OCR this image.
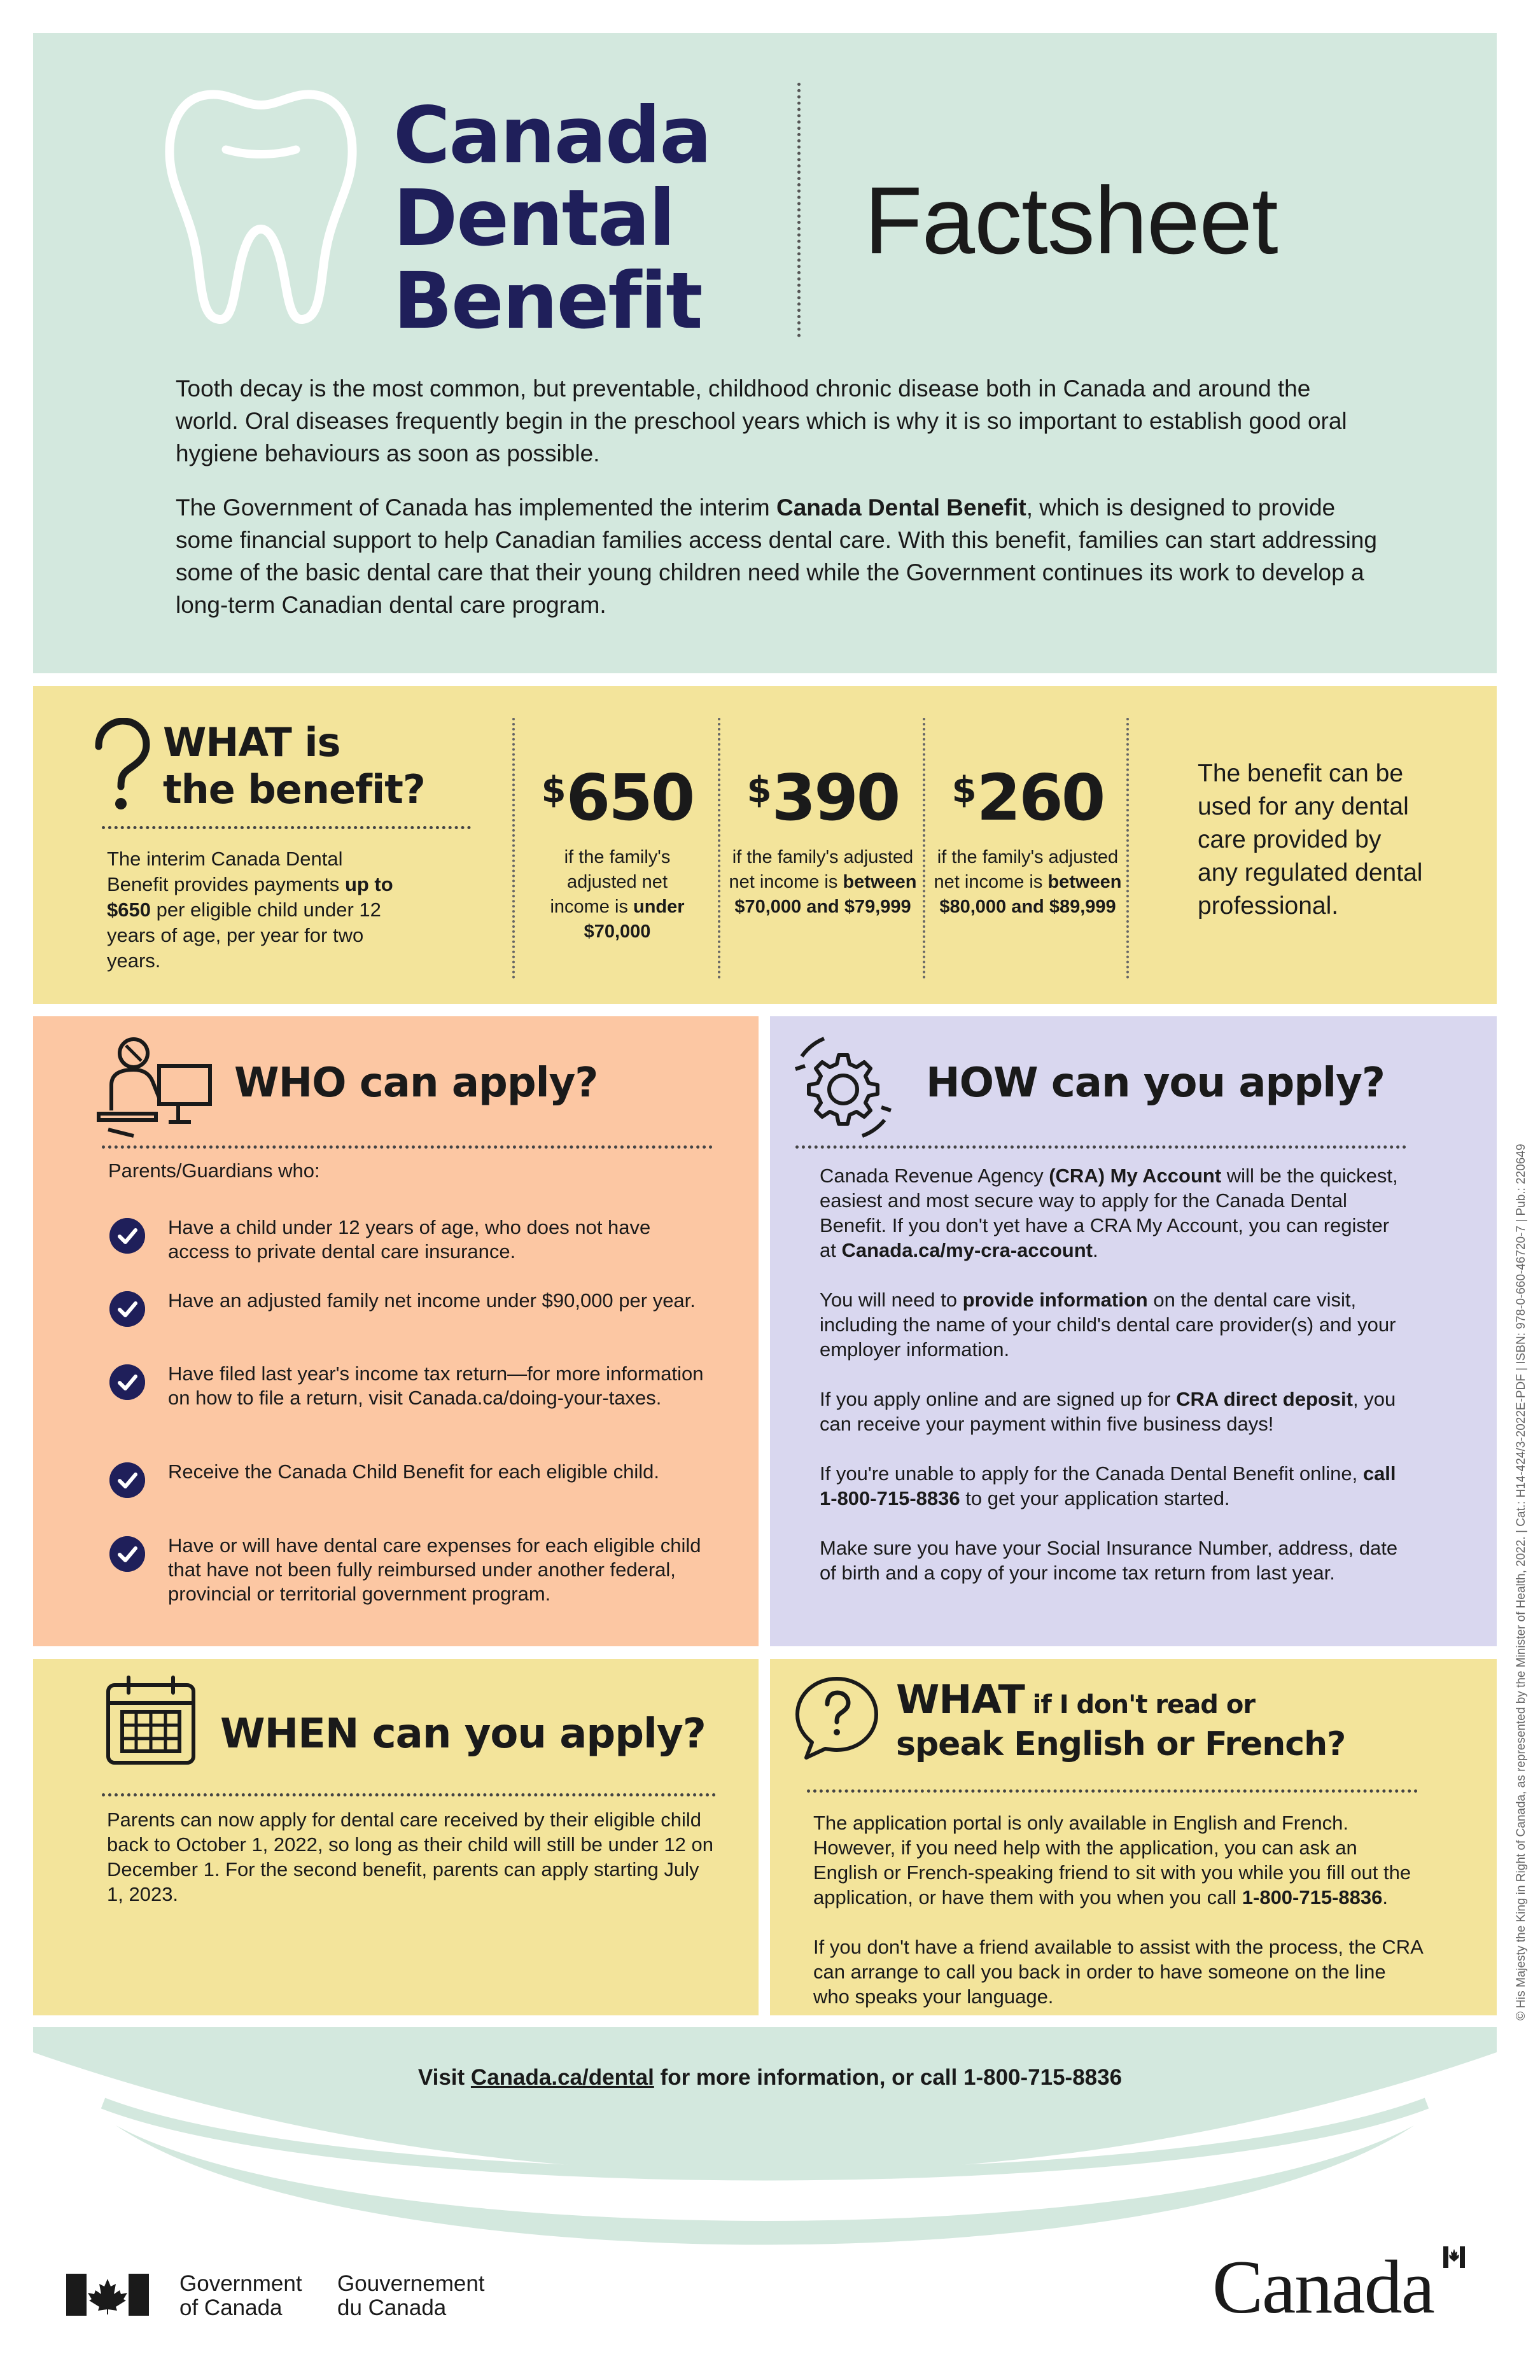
Canada
Dental
Benefit
Factsheet

Tooth decay is the most common, but preventable, childhood chronic disease both in Canada and around the world. Oral diseases frequently begin in the preschool years which is why it is so important to establish good oral hygiene behaviours as soon as possible.

The Government of Canada has implemented the interim Canada Dental Benefit, which is designed to provide some financial support to help Canadian families access dental care. With this benefit, families can start addressing some of the basic dental care that their young children need while the Government continues its work to develop a long-term Canadian dental care program.

WHAT is
the benefit?
The interim Canada Dental Benefit provides payments up to $650 per eligible child under 12 years of age, per year for two years.
$650
if the family's adjusted net income is under $70,000
$390
if the family's adjusted net income is between $70,000 and $79,999
$260
if the family's adjusted net income is between $80,000 and $89,999
The benefit can be used for any dental care provided by any regulated dental professional.
WHO can apply?
Parents/Guardians who:
Have a child under 12 years of age, who does not have access to private dental care insurance.
Have an adjusted family net income under $90,000 per year.
Have filed last year's income tax return—for more information on how to file a return, visit Canada.ca/doing-your-taxes.
Receive the Canada Child Benefit for each eligible child.
Have or will have dental care expenses for each eligible child that have not been fully reimbursed under another federal, provincial or territorial government program.
HOW can you apply?

Canada Revenue Agency (CRA) My Account will be the quickest, easiest and most secure way to apply for the Canada Dental Benefit. If you don't yet have a CRA My Account, you can register at Canada.ca/my-cra-account.

You will need to provide information on the dental care visit, including the name of your child's dental care provider(s) and your employer information.

If you apply online and are signed up for CRA direct deposit, you can receive your payment within five business days!

If you're unable to apply for the Canada Dental Benefit online, call 1-800-715-8836 to get your application started.

Make sure you have your Social Insurance Number, address, date of birth and a copy of your income tax return from last year.

WHEN can you apply?
Parents can now apply for dental care received by their eligible child back to October 1, 2022, so long as their child will still be under 12 on December 1. For the second benefit, parents can apply starting July 1, 2023.
WHAT if I don't read or
speak English or French?

The application portal is only available in English and French. However, if you need help with the application, you can ask an English or French-speaking friend to sit with you while you fill out the application, or have them with you when you call 1-800-715-8836.

If you don't have a friend available to assist with the process, the CRA can arrange to call you back in order to have someone on the line who speaks your language.

Visit Canada.ca/dental for more information, or call 1-800-715-8836
Government
of Canada
Gouvernement
du Canada	Canada
© His Majesty the King in Right of Canada, as represented by the Minister of Health, 2022. | Cat.: H14-424/3-2022E-PDF | ISBN: 978-0-660-46720-7 | Pub.: 220649
